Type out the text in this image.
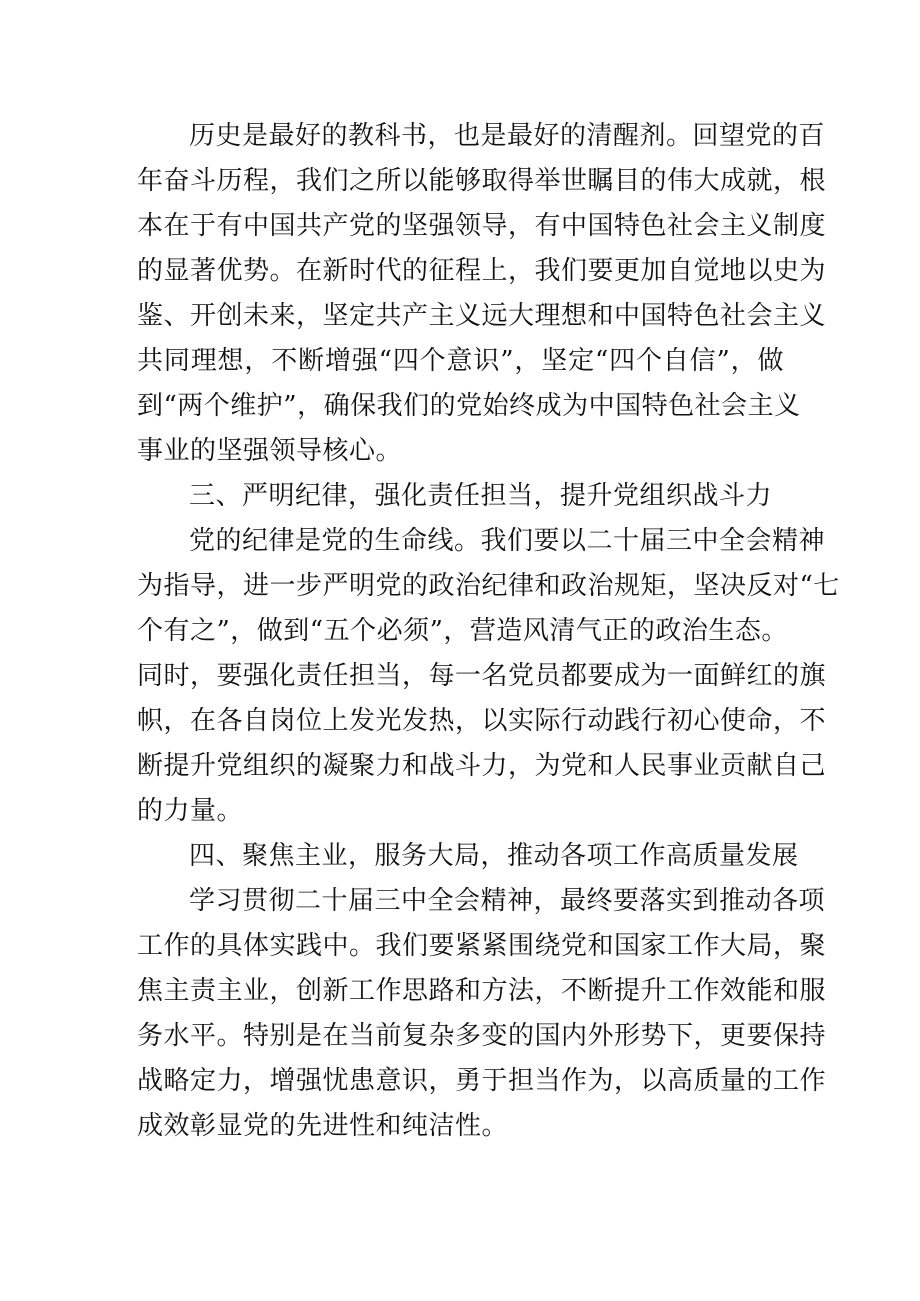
历史是最好的教科书，也是最好的清醒剂。回望党的百
年奋斗历程，我们之所以能够取得举世瞩目的伟大成就，根
本在于有中国共产党的坚强领导，有中国特色社会主义制度
的显著优势。在新时代的征程上，我们要更加自觉地以史为
鉴、开创未来，坚定共产主义远大理想和中国特色社会主义
共同理想，不断增强“四个意识”，坚定“四个自信”，做
到“两个维护”，确保我们的党始终成为中国特色社会主义
事业的坚强领导核心。
三、严明纪律，强化责任担当，提升党组织战斗力
党的纪律是党的生命线。我们要以二十届三中全会精神
为指导，进一步严明党的政治纪律和政治规矩，坚决反对“七
个有之”，做到“五个必须”，营造风清气正的政治生态。
同时，要强化责任担当，每一名党员都要成为一面鲜红的旗
帜，在各自岗位上发光发热，以实际行动践行初心使命，不
断提升党组织的凝聚力和战斗力，为党和人民事业贡献自己
的力量。
四、聚焦主业，服务大局，推动各项工作高质量发展
学习贯彻二十届三中全会精神，最终要落实到推动各项
工作的具体实践中。我们要紧紧围绕党和国家工作大局，聚
焦主责主业，创新工作思路和方法，不断提升工作效能和服
务水平。特别是在当前复杂多变的国内外形势下，更要保持
战略定力，增强忧患意识，勇于担当作为，以高质量的工作
成效彰显党的先进性和纯洁性。
